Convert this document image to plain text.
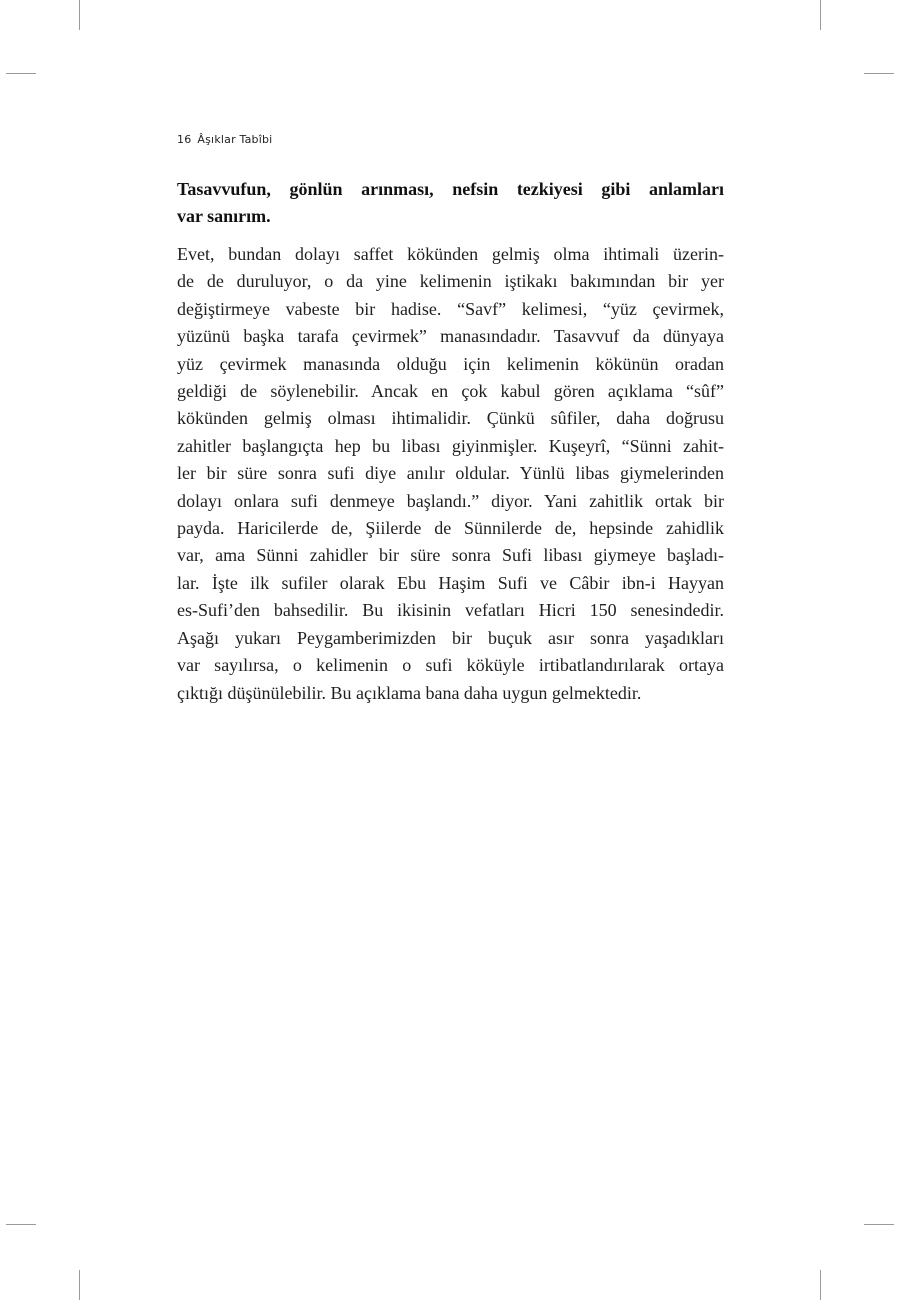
16 Âşıklar Tabîbi

Tasavvufun, gönlün arınması, nefsin tezkiyesi gibi anlamları
var sanırım.

Evet, bundan dolayı saffet kökünden gelmiş olma ihtimali üzerin-
de de duruluyor, o da yine kelimenin iştikakı bakımından bir yer
değiştirmeye vabeste bir hadise. “Savf” kelimesi, “yüz çevirmek,
yüzünü başka tarafa çevirmek” manasındadır. Tasavvuf da dünyaya
yüz çevirmek manasında olduğu için kelimenin kökünün oradan
geldiği de söylenebilir. Ancak en çok kabul gören açıklama “sûf”
kökünden gelmiş olması ihtimalidir. Çünkü sûfiler, daha doğrusu
zahitler başlangıçta hep bu libası giyinmişler. Kuşeyrî, “Sünni zahit-
ler bir süre sonra sufi diye anılır oldular. Yünlü libas giymelerinden
dolayı onlara sufi denmeye başlandı.” diyor. Yani zahitlik ortak bir
payda. Haricilerde de, Şiilerde de Sünnilerde de, hepsinde zahidlik
var, ama Sünni zahidler bir süre sonra Sufi libası giymeye başladı-
lar. İşte ilk sufiler olarak Ebu Haşim Sufi ve Câbir ibn-i Hayyan
es-Sufi’den bahsedilir. Bu ikisinin vefatları Hicri 150 senesindedir.
Aşağı yukarı Peygamberimizden bir buçuk asır sonra yaşadıkları
var sayılırsa, o kelimenin o sufi köküyle irtibatlandırılarak ortaya
çıktığı düşünülebilir. Bu açıklama bana daha uygun gelmektedir.
